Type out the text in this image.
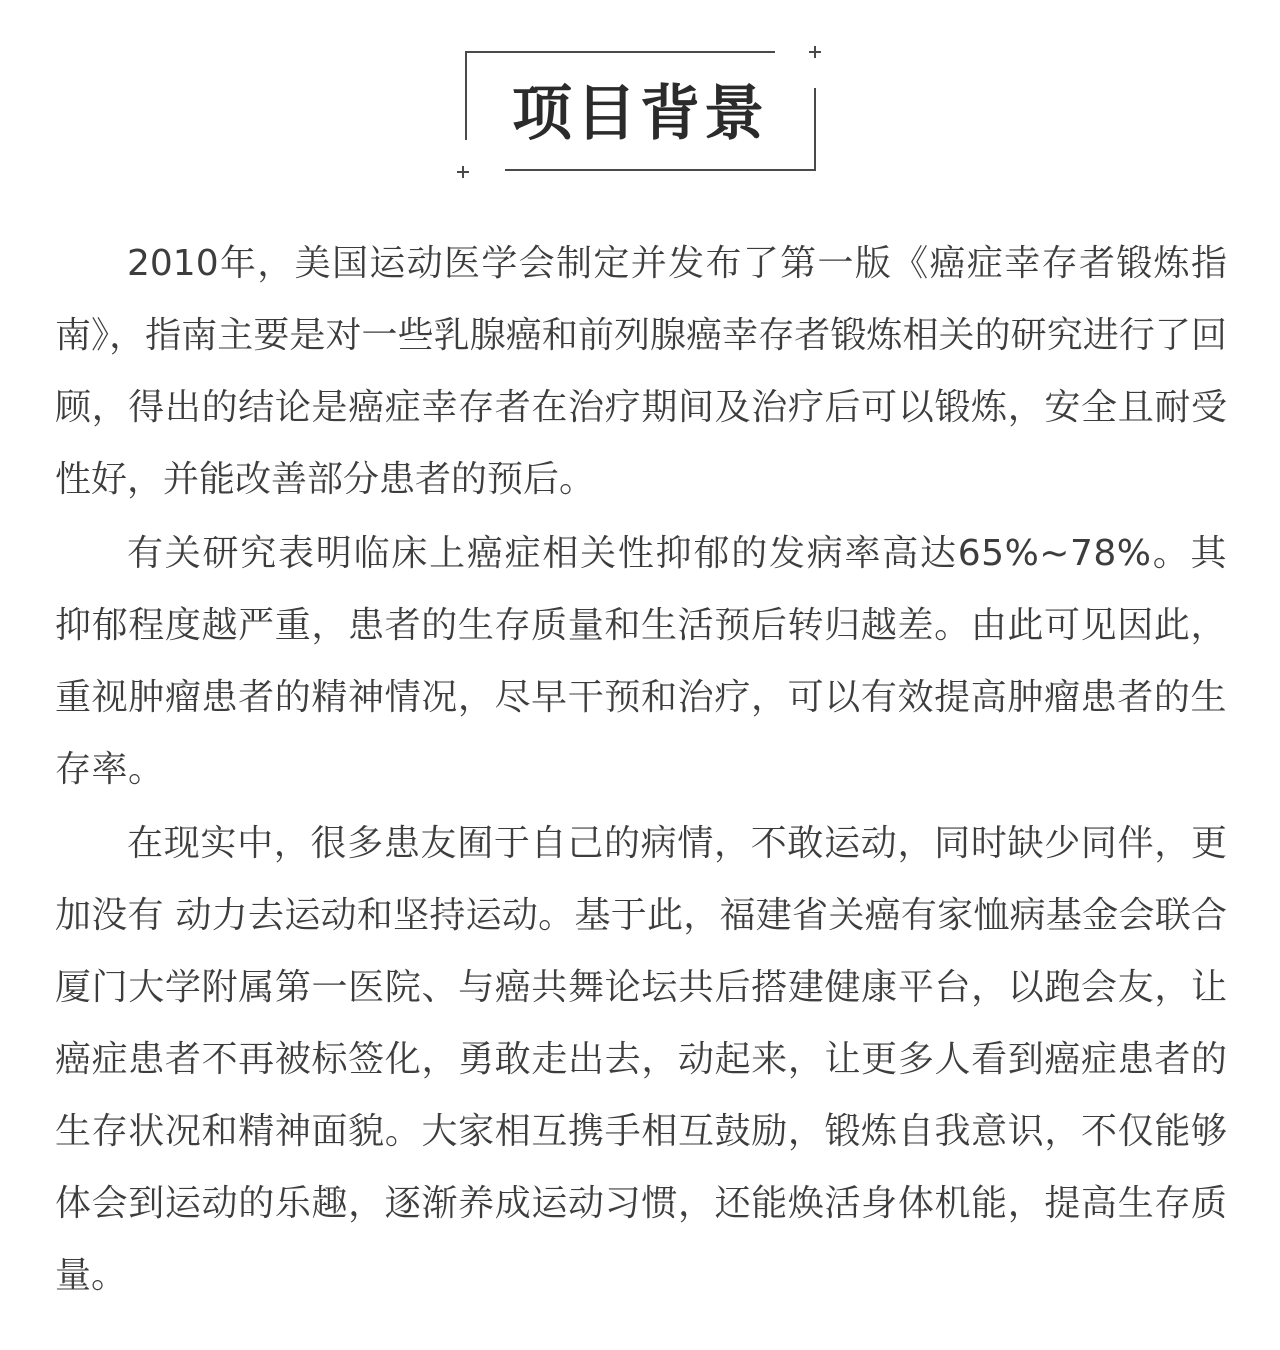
项目背景

2010年，美国运动医学会制定并发布了第一版《癌症幸存者锻炼指南》，指南主要是对一些乳腺癌和前列腺癌幸存者锻炼相关的研究进行了回顾，得出的结论是癌症幸存者在治疗期间及治疗后可以锻炼，安全且耐受性好，并能改善部分患者的预后。

有关研究表明临床上癌症相关性抑郁的发病率高达65%~78%。其抑郁程度越严重，患者的生存质量和生活预后转归越差。由此可见因此，重视肿瘤患者的精神情况，尽早干预和治疗，可以有效提高肿瘤患者的生存率。

在现实中，很多患友囿于自己的病情，不敢运动，同时缺少同伴，更加没有 动力去运动和坚持运动。基于此，福建省关癌有家恤病基金会联合厦门大学附属第一医院、与癌共舞论坛共后搭建健康平台，以跑会友，让癌症患者不再被标签化，勇敢走出去，动起来，让更多人看到癌症患者的生存状况和精神面貌。大家相互携手相互鼓励，锻炼自我意识，不仅能够体会到运动的乐趣，逐渐养成运动习惯，还能焕活身体机能，提高生存质量。
